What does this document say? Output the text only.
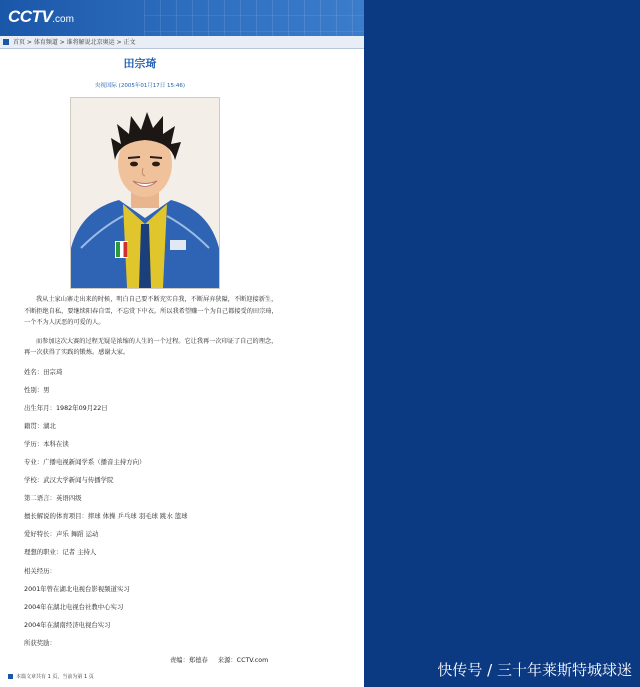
CCTV.com
首页 > 体育频道 > 谁将解说北京奥运 > 正文
田宗琦
央视国际 (2005年01月17日 15:46)

我从土家山寨走出来的时候，明白自己要不断充实自我，不断屏弃狭隘，不断迎接新生，不断拒绝自私，要继续阳春自雪，不忘赏下中衣。所以我希望赚一个为自己都接受的田宗琦，一个不为人厌恶的可爱的人。

而参加这次大赛的过程无疑是浓缩的人生的一个过程。它让我再一次印证了自己的理念，再一次获得了实践的锻炼。感谢大家。

姓名：田宗琦
性别：男
出生年月：1982年09月22日
籍贯：湖北
学历：本科在读
专业：广播电视新闻学系（播音主持方向）
学校：武汉大学新闻与传播学院
第二语言：英语四级
擅长解说的体育项目：摔球 体操 乒乓球 羽毛球 跳水 篮球
爱好特长：声乐 舞蹈 运动
理想的职业：记者 主持人
相关经历：
2001年曾在湖北电视台影视频道实习
2004年在湖北电视台社教中心实习
2004年在湖南经济电视台实习
所获奖励：
责编：郑德春 来源：CCTV.com
本篇文章共有 1 页，当前为第 1 页	快传号 / 三十年莱斯特城球迷
